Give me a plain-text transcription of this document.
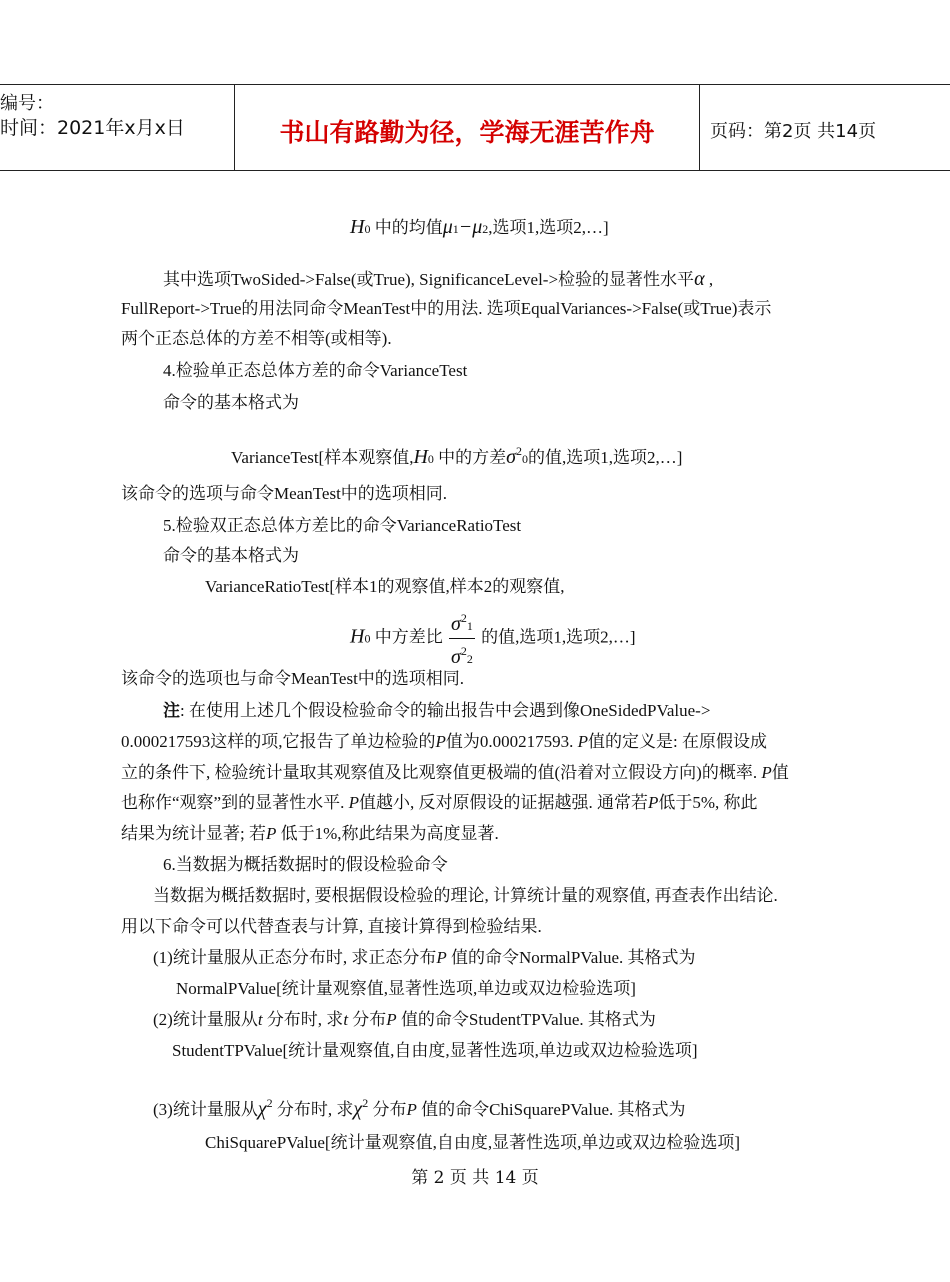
编号：
时间：2021年x月x日	书山有路勤为径，学海无涯苦作舟	页码：第2页 共14页
H0 中的均值μ1−μ2,选项1,选项2,…]
其中选项TwoSided->False(或True), SignificanceLevel->检验的显著性水平α ,
FullReport->True的用法同命令MeanTest中的用法. 选项EqualVariances->False(或True)表示
两个正态总体的方差不相等(或相等).
4.检验单正态总体方差的命令VarianceTest
命令的基本格式为
VarianceTest[样本观察值,H0 中的方差$\sigma^20$的值,选项1,选项2,…]
该命令的选项与命令MeanTest中的选项相同.
5.检验双正态总体方差比的命令VarianceRatioTest
命令的基本格式为
VarianceRatioTest[样本1的观察值,样本2的观察值,
H0 中方差比 $\frac{\sigma^21}{\sigma^22}$ 的值,选项1,选项2,…]
该命令的选项也与命令MeanTest中的选项相同.
注: 在使用上述几个假设检验命令的输出报告中会遇到像OneSidedPValue->
0.000217593这样的项,它报告了单边检验的P值为0.000217593. P值的定义是: 在原假设成
立的条件下, 检验统计量取其观察值及比观察值更极端的值(沿着对立假设方向)的概率. P值
也称作“观察”到的显著性水平. P值越小, 反对原假设的证据越强. 通常若P低于5%, 称此
结果为统计显著; 若P 低于1%,称此结果为高度显著.
6.当数据为概括数据时的假设检验命令
当数据为概括数据时, 要根据假设检验的理论, 计算统计量的观察值, 再查表作出结论.
用以下命令可以代替查表与计算, 直接计算得到检验结果.
(1)统计量服从正态分布时, 求正态分布P 值的命令NormalPValue. 其格式为
NormalPValue[统计量观察值,显著性选项,单边或双边检验选项]
(2)统计量服从t 分布时, 求t 分布P 值的命令StudentTPValue. 其格式为
StudentTPValue[统计量观察值,自由度,显著性选项,单边或双边检验选项]
(3)统计量服从$\chi^2$ 分布时, 求$\chi^2$ 分布P 值的命令ChiSquarePValue. 其格式为
ChiSquarePValue[统计量观察值,自由度,显著性选项,单边或双边检验选项]
第 2 页 共 14 页
